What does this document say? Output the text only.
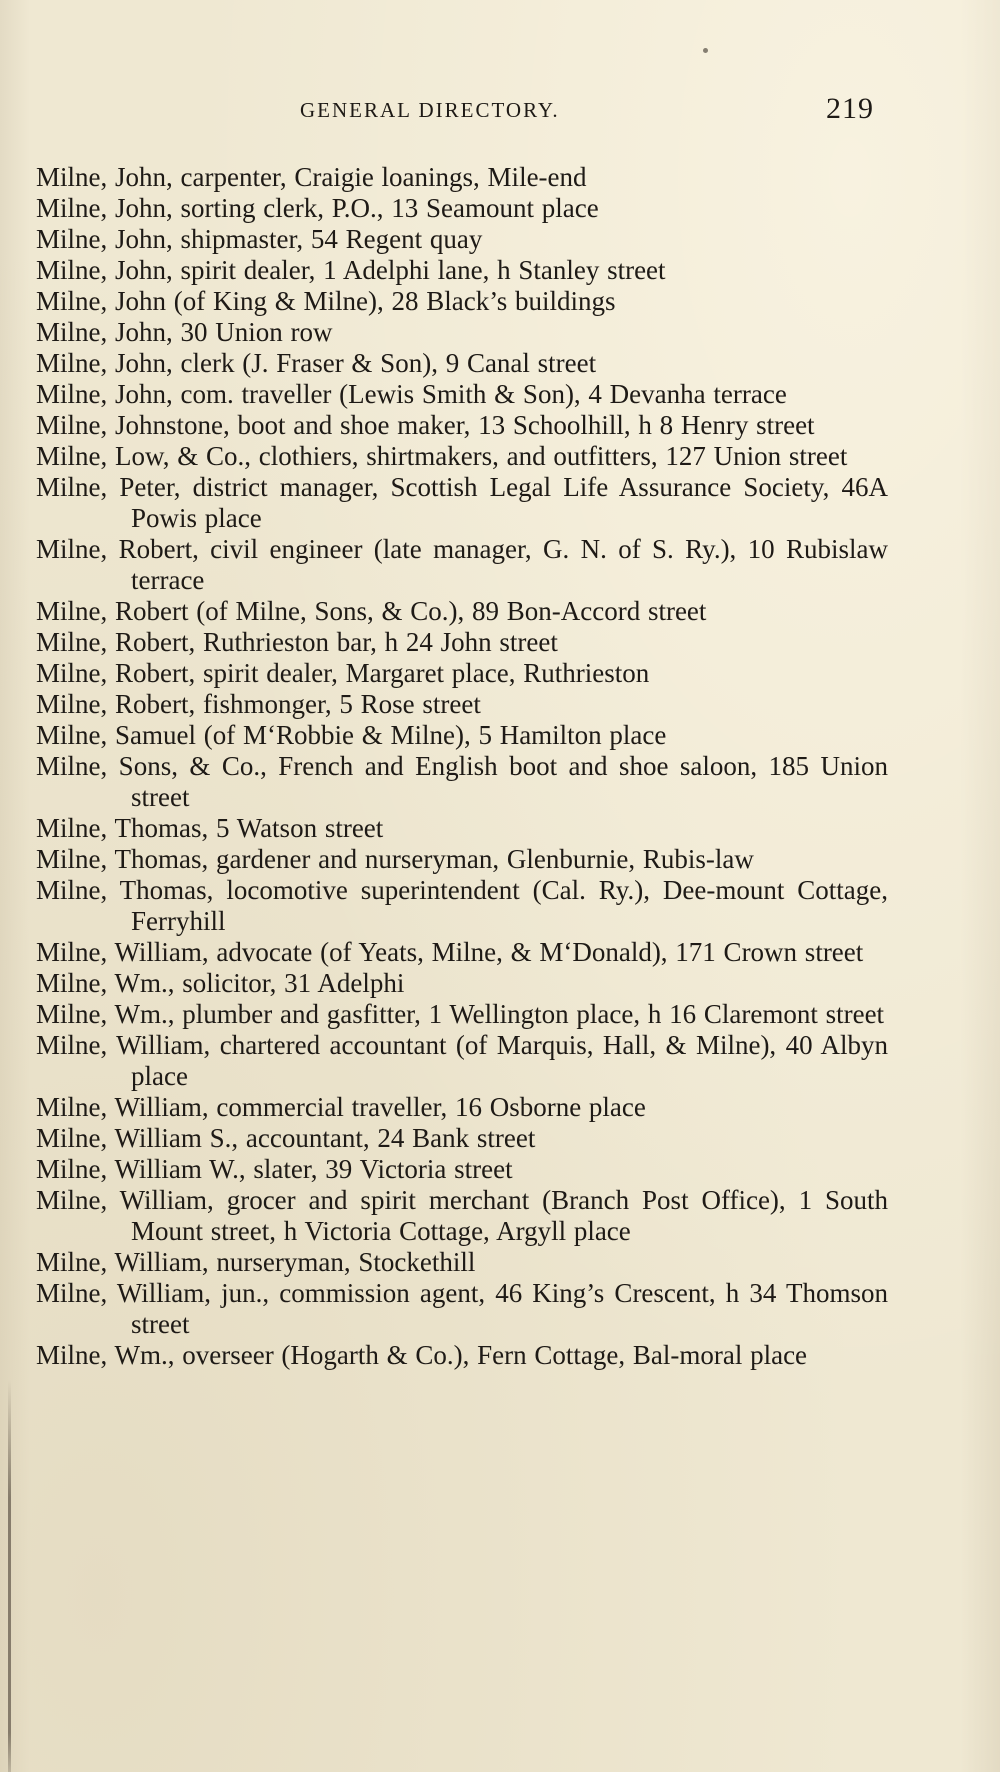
GENERAL DIRECTORY.	219
Milne, John, carpenter, Craigie loanings, Mile-end
Milne, John, sorting clerk, P.O., 13 Seamount place
Milne, John, shipmaster, 54 Regent quay
Milne, John, spirit dealer, 1 Adelphi lane, h Stanley street
Milne, John (of King & Milne), 28 Black’s buildings
Milne, John, 30 Union row
Milne, John, clerk (J. Fraser & Son), 9 Canal street
Milne, John, com. traveller (Lewis Smith & Son), 4 Devanha terrace
Milne, Johnstone, boot and shoe maker, 13 Schoolhill, h 8 Henry street
Milne, Low, & Co., clothiers, shirtmakers, and outfitters, 127 Union street
Milne, Peter, district manager, Scottish Legal Life Assurance Society, 46A Powis place
Milne, Robert, civil engineer (late manager, G. N. of S. Ry.), 10 Rubislaw terrace
Milne, Robert (of Milne, Sons, & Co.), 89 Bon-Accord street
Milne, Robert, Ruthrieston bar, h 24 John street
Milne, Robert, spirit dealer, Margaret place, Ruthrieston
Milne, Robert, fishmonger, 5 Rose street
Milne, Samuel (of M‘Robbie & Milne), 5 Hamilton place
Milne, Sons, & Co., French and English boot and shoe saloon, 185 Union street
Milne, Thomas, 5 Watson street
Milne, Thomas, gardener and nurseryman, Glenburnie, Rubis-law
Milne, Thomas, locomotive superintendent (Cal. Ry.), Dee-mount Cottage, Ferryhill
Milne, William, advocate (of Yeats, Milne, & M‘Donald), 171 Crown street
Milne, Wm., solicitor, 31 Adelphi
Milne, Wm., plumber and gasfitter, 1 Wellington place, h 16 Claremont street
Milne, William, chartered accountant (of Marquis, Hall, & Milne), 40 Albyn place
Milne, William, commercial traveller, 16 Osborne place
Milne, William S., accountant, 24 Bank street
Milne, William W., slater, 39 Victoria street
Milne, William, grocer and spirit merchant (Branch Post Office), 1 South Mount street, h Victoria Cottage, Argyll place
Milne, William, nurseryman, Stockethill
Milne, William, jun., commission agent, 46 King’s Crescent, h 34 Thomson street
Milne, Wm., overseer (Hogarth & Co.), Fern Cottage, Bal-moral place
